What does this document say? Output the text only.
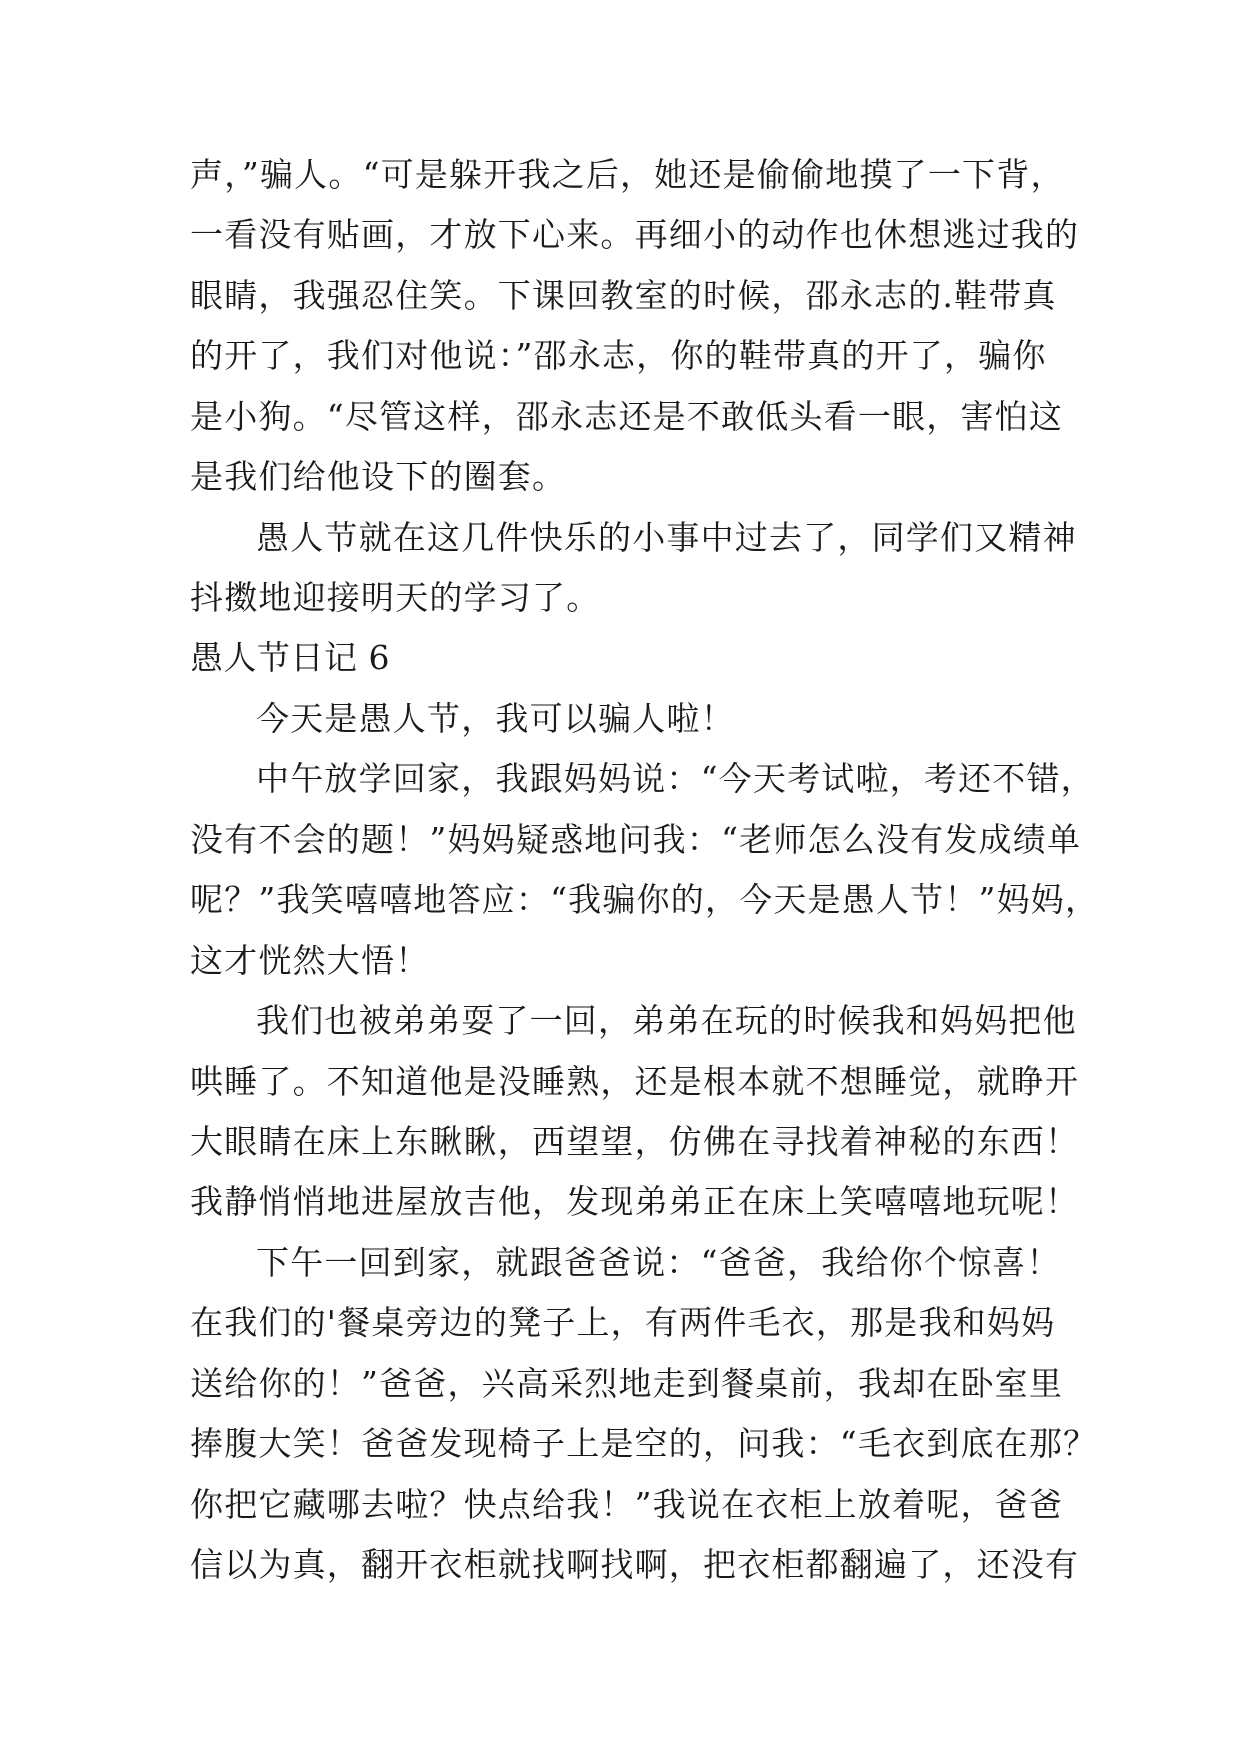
声，”骗人。“可是躲开我之后，她还是偷偷地摸了一下背，
一看没有贴画，才放下心来。再细小的动作也休想逃过我的
眼睛，我强忍住笑。下课回教室的时候，邵永志的.鞋带真
的开了，我们对他说：”邵永志，你的鞋带真的开了，骗你
是小狗。“尽管这样，邵永志还是不敢低头看一眼，害怕这
是我们给他设下的圈套。
愚人节就在这几件快乐的小事中过去了，同学们又精神
抖擞地迎接明天的学习了。
愚人节日记 6
今天是愚人节，我可以骗人啦！
中午放学回家，我跟妈妈说：“今天考试啦，考还不错，
没有不会的题！”妈妈疑惑地问我：“老师怎么没有发成绩单
呢？”我笑嘻嘻地答应：“我骗你的，今天是愚人节！”妈妈，
这才恍然大悟！
我们也被弟弟耍了一回，弟弟在玩的时候我和妈妈把他
哄睡了。不知道他是没睡熟，还是根本就不想睡觉，就睁开
大眼睛在床上东瞅瞅，西望望，仿佛在寻找着神秘的东西！
我静悄悄地进屋放吉他，发现弟弟正在床上笑嘻嘻地玩呢！
下午一回到家，就跟爸爸说：“爸爸，我给你个惊喜！
在我们的'餐桌旁边的凳子上，有两件毛衣，那是我和妈妈
送给你的！”爸爸，兴高采烈地走到餐桌前，我却在卧室里
捧腹大笑！爸爸发现椅子上是空的，问我：“毛衣到底在那？
你把它藏哪去啦？快点给我！”我说在衣柜上放着呢，爸爸
信以为真，翻开衣柜就找啊找啊，把衣柜都翻遍了，还没有
